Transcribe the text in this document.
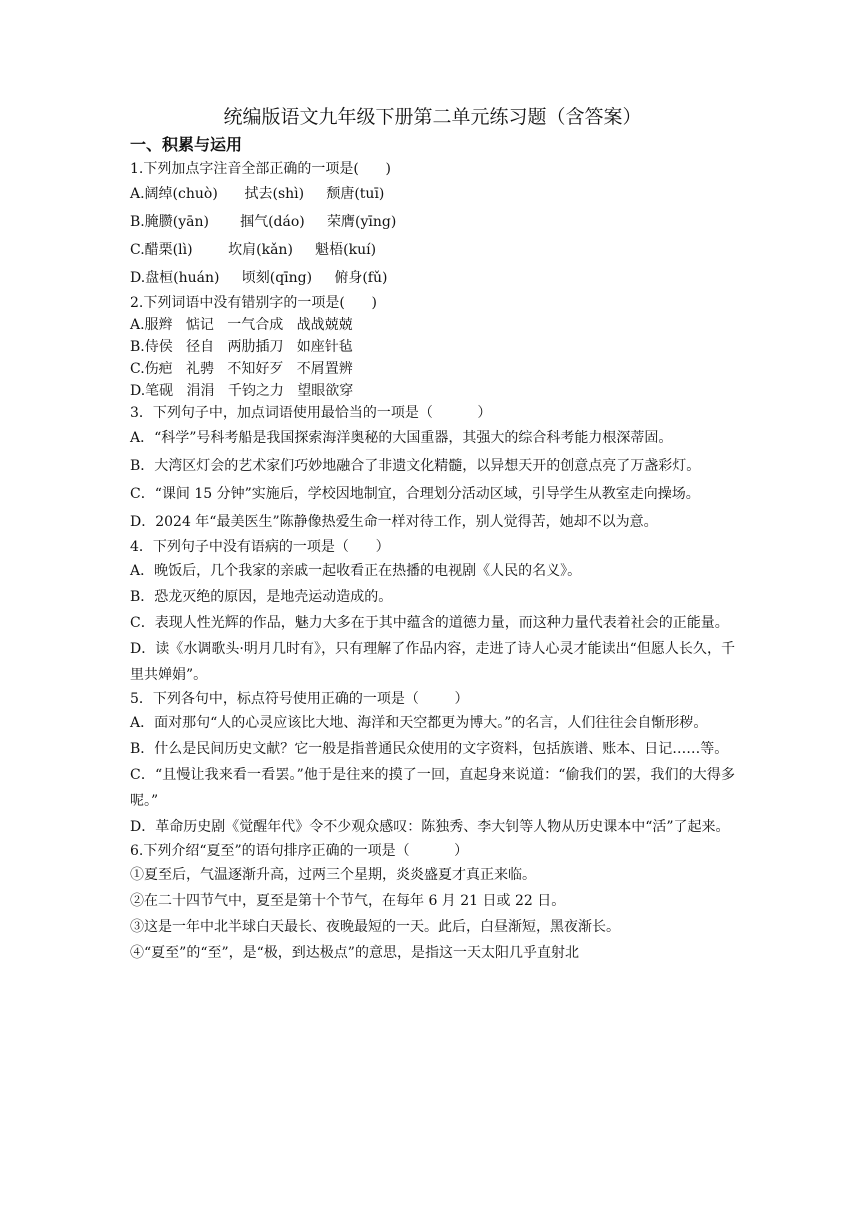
统编版语文九年级下册第二单元练习题（含答案）
一、积累与运用
1.下列加点字注音全部正确的一项是(      )
A.阔绰(chuò)      拭去(shì)     颓唐(tuī)
B.腌臜(yān)       掴气(dáo)     荣膺(yīng)
C.醋栗(lì)        坎肩(kǎn)     魁梧(kuí)
D.盘桓(huán)     顷刻(qīng)     俯身(fǔ)
2.下列词语中没有错别字的一项是(      )
A.服辫   惦记   一气合成   战战兢兢
B.侍侯   径自   两肋插刀   如座针毡
C.伤疤   礼骋   不知好歹   不屑置辨
D.笔砚   涓涓   千钧之力   望眼欲穿
3．下列句子中，加点词语使用最恰当的一项是（          ）
A．“科学”号科考船是我国探索海洋奥秘的大国重器，其强大的综合科考能力根深蒂固。
B．大湾区灯会的艺术家们巧妙地融合了非遗文化精髓，以异想天开的创意点亮了万盏彩灯。
C．“课间 15 分钟”实施后，学校因地制宜，合理划分活动区域，引导学生从教室走向操场。
D．2024 年“最美医生”陈静像热爱生命一样对待工作，别人觉得苦，她却不以为意。
4．下列句子中没有语病的一项是（      ）
A．晚饭后，几个我家的亲戚一起收看正在热播的电视剧《人民的名义》。
B．恐龙灭绝的原因，是地壳运动造成的。
C．表现人性光辉的作品，魅力大多在于其中蕴含的道德力量，而这种力量代表着社会的正能量。
D．读《水调歌头·明月几时有》，只有理解了作品内容，走进了诗人心灵才能读出“但愿人长久，千里共婵娟”。
5．下列各句中，标点符号使用正确的一项是（        ）
A．面对那句“人的心灵应该比大地、海洋和天空都更为博大。”的名言，人们往往会自惭形秽。
B．什么是民间历史文献？它一般是指普通民众使用的文字资料，包括族谱、账本、日记……等。
C．“且慢让我来看一看罢。”他于是往来的摸了一回，直起身来说道：“偷我们的罢，我们的大得多呢。”
D．革命历史剧《觉醒年代》令不少观众感叹：陈独秀、李大钊等人物从历史课本中“活”了起来。
6.下列介绍“夏至”的语句排序正确的一项是（          ）
①夏至后，气温逐渐升高，过两三个星期，炎炎盛夏才真正来临。
②在二十四节气中，夏至是第十个节气，在每年 6 月 21 日或 22 日。
③这是一年中北半球白天最长、夜晚最短的一天。此后，白昼渐短，黑夜渐长。
④“夏至”的“至”，是“极，到达极点”的意思，是指这一天太阳几乎直射北
